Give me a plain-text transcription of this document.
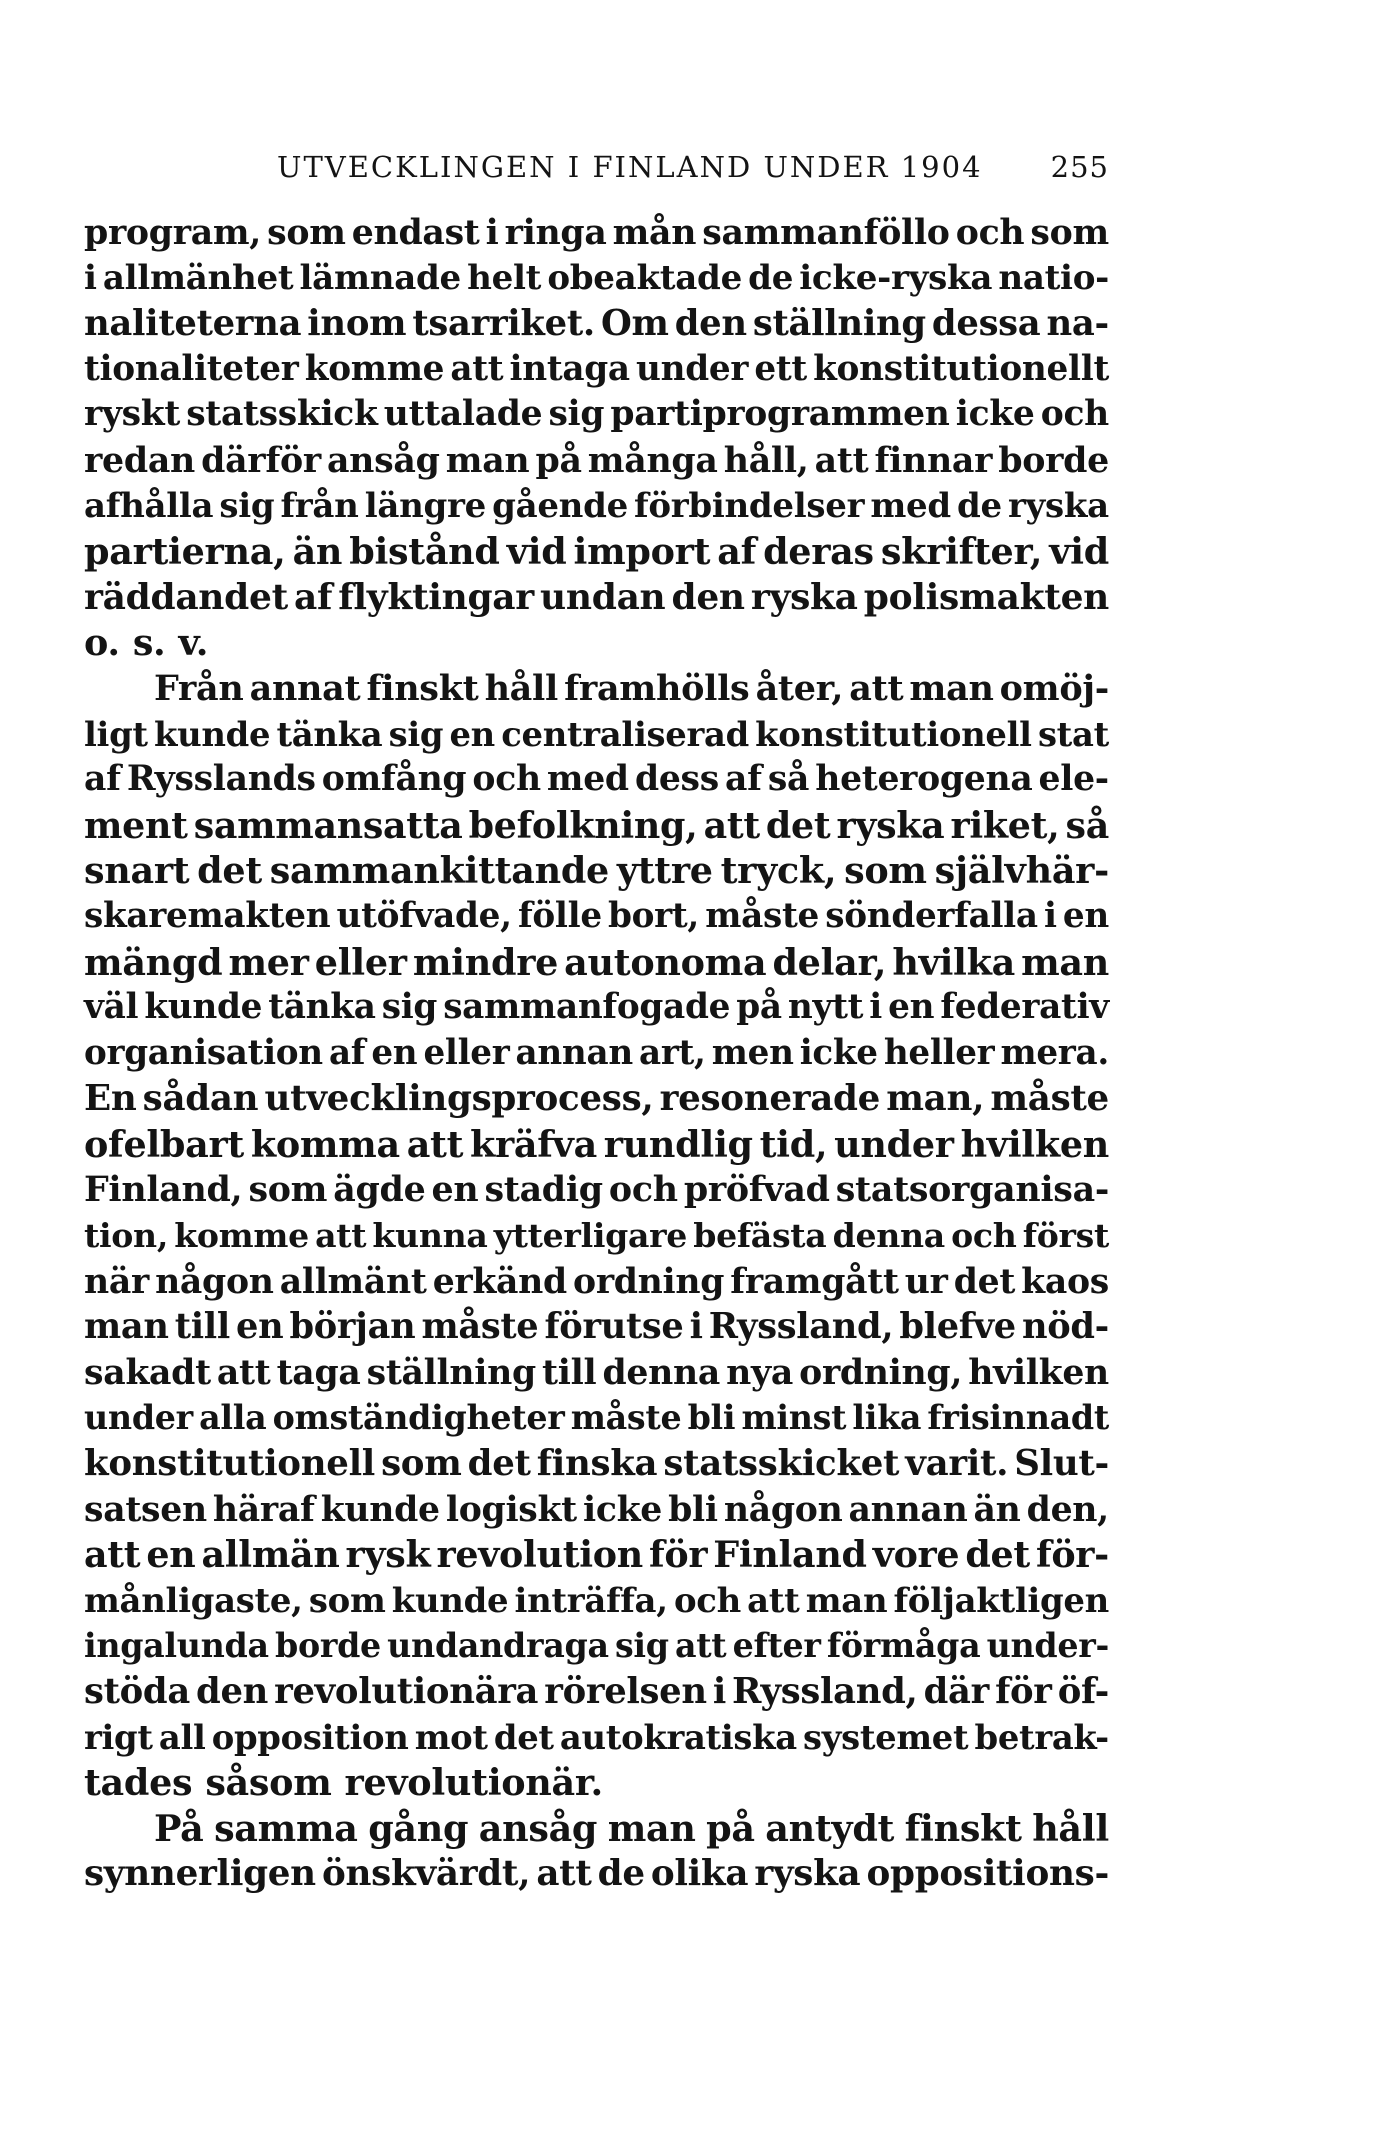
UTVECKLINGEN I FINLAND UNDER 1904 255
program, som endast i ringa mån sammanföllo och som
i allmänhet lämnade helt obeaktade de icke-ryska natio-
naliteterna inom tsarriket. Om den ställning dessa na-
tionaliteter komme att intaga under ett konstitutionellt
ryskt statsskick uttalade sig partiprogrammen icke och
redan därför ansåg man på många håll, att finnar borde
afhålla sig från längre gående förbindelser med de ryska
partierna, än bistånd vid import af deras skrifter, vid
räddandet af flyktingar undan den ryska polismakten
o. s. v.
Från annat finskt håll framhölls åter, att man omöj-
ligt kunde tänka sig en centraliserad konstitutionell stat
af Rysslands omfång och med dess af så heterogena ele-
ment sammansatta befolkning, att det ryska riket, så
snart det sammankittande yttre tryck, som självhär-
skaremakten utöfvade, fölle bort, måste sönderfalla i en
mängd mer eller mindre autonoma delar, hvilka man
väl kunde tänka sig sammanfogade på nytt i en federativ
organisation af en eller annan art, men icke heller mera.
En sådan utvecklingsprocess, resonerade man, måste
ofelbart komma att kräfva rundlig tid, under hvilken
Finland, som ägde en stadig och pröfvad statsorganisa-
tion, komme att kunna ytterligare befästa denna och först
när någon allmänt erkänd ordning framgått ur det kaos
man till en början måste förutse i Ryssland, blefve nöd-
sakadt att taga ställning till denna nya ordning, hvilken
under alla omständigheter måste bli minst lika frisinnadt
konstitutionell som det finska statsskicket varit. Slut-
satsen häraf kunde logiskt icke bli någon annan än den,
att en allmän rysk revolution för Finland vore det för-
månligaste, som kunde inträffa, och att man följaktligen
ingalunda borde undandraga sig att efter förmåga under-
stöda den revolutionära rörelsen i Ryssland, där för öf-
rigt all opposition mot det autokratiska systemet betrak-
tades såsom revolutionär.
På samma gång ansåg man på antydt finskt håll
synnerligen önskvärdt, att de olika ryska oppositions-
